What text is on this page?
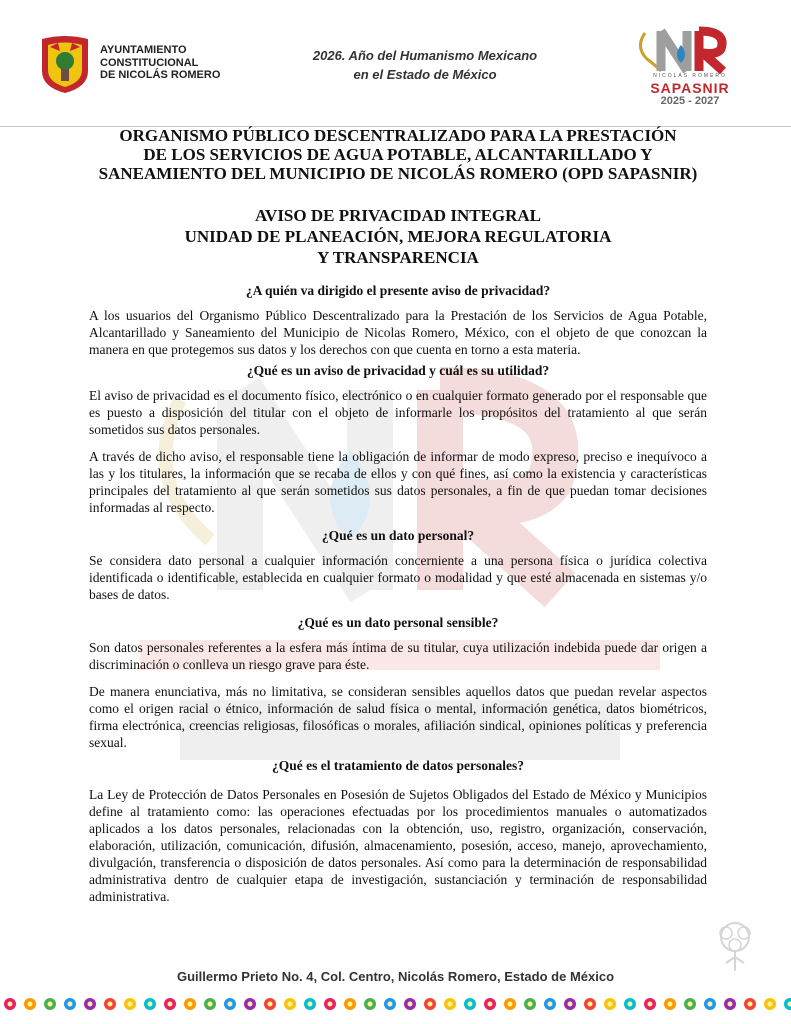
AYUNTAMIENTO
CONSTITUCIONAL
DE NICOLÁS ROMERO
2026. Año del Humanismo Mexicano
en el Estado de México	NICOLÁS ROMERO
SAPASNIR
2025 - 2027
ORGANISMO PÚBLICO DESCENTRALIZADO PARA LA PRESTACIÓN
DE LOS SERVICIOS DE AGUA POTABLE, ALCANTARILLADO Y
SANEAMIENTO DEL MUNICIPIO DE NICOLÁS ROMERO (OPD SAPASNIR)
AVISO DE PRIVACIDAD INTEGRAL
UNIDAD DE PLANEACIÓN, MEJORA REGULATORIA
Y TRANSPARENCIA

¿A quién va dirigido el presente aviso de privacidad?

A los usuarios del Organismo Público Descentralizado para la Prestación de los Servicios de Agua Potable, Alcantarillado y Saneamiento del Municipio de Nicolas Romero, México, con el objeto de que conozcan la manera en que protegemos sus datos y los derechos con que cuenta en torno a esta materia.

¿Qué es un aviso de privacidad y cuál es su utilidad?

El aviso de privacidad es el documento físico, electrónico o en cualquier formato generado por el responsable que es puesto a disposición del titular con el objeto de informarle los propósitos del tratamiento al que serán sometidos sus datos personales.

A través de dicho aviso, el responsable tiene la obligación de informar de modo expreso, preciso e inequívoco a las y los titulares, la información que se recaba de ellos y con qué fines, así como la existencia y características principales del tratamiento al que serán sometidos sus datos personales, a fin de que puedan tomar decisiones informadas al respecto.

¿Qué es un dato personal?

Se considera dato personal a cualquier información concerniente a una persona física o jurídica colectiva identificada o identificable, establecida en cualquier formato o modalidad y que esté almacenada en sistemas y/o bases de datos.

¿Qué es un dato personal sensible?

Son datos personales referentes a la esfera más íntima de su titular, cuya utilización indebida puede dar origen a discriminación o conlleva un riesgo grave para éste.

De manera enunciativa, más no limitativa, se consideran sensibles aquellos datos que puedan revelar aspectos como el origen racial o étnico, información de salud física o mental, información genética, datos biométricos, firma electrónica, creencias religiosas, filosóficas o morales, afiliación sindical, opiniones políticas y preferencia sexual.

¿Qué es el tratamiento de datos personales?

La Ley de Protección de Datos Personales en Posesión de Sujetos Obligados del Estado de México y Municipios define al tratamiento como: las operaciones efectuadas por los procedimientos manuales o automatizados aplicados a los datos personales, relacionadas con la obtención, uso, registro, organización, conservación, elaboración, utilización, comunicación, difusión, almacenamiento, posesión, acceso, manejo, aprovechamiento, divulgación, transferencia o disposición de datos personales. Así como para la determinación de responsabilidad administrativa dentro de cualquier etapa de investigación, sustanciación y terminación de responsabilidad administrativa.

Guillermo Prieto No. 4, Col. Centro, Nicolás Romero, Estado de México
